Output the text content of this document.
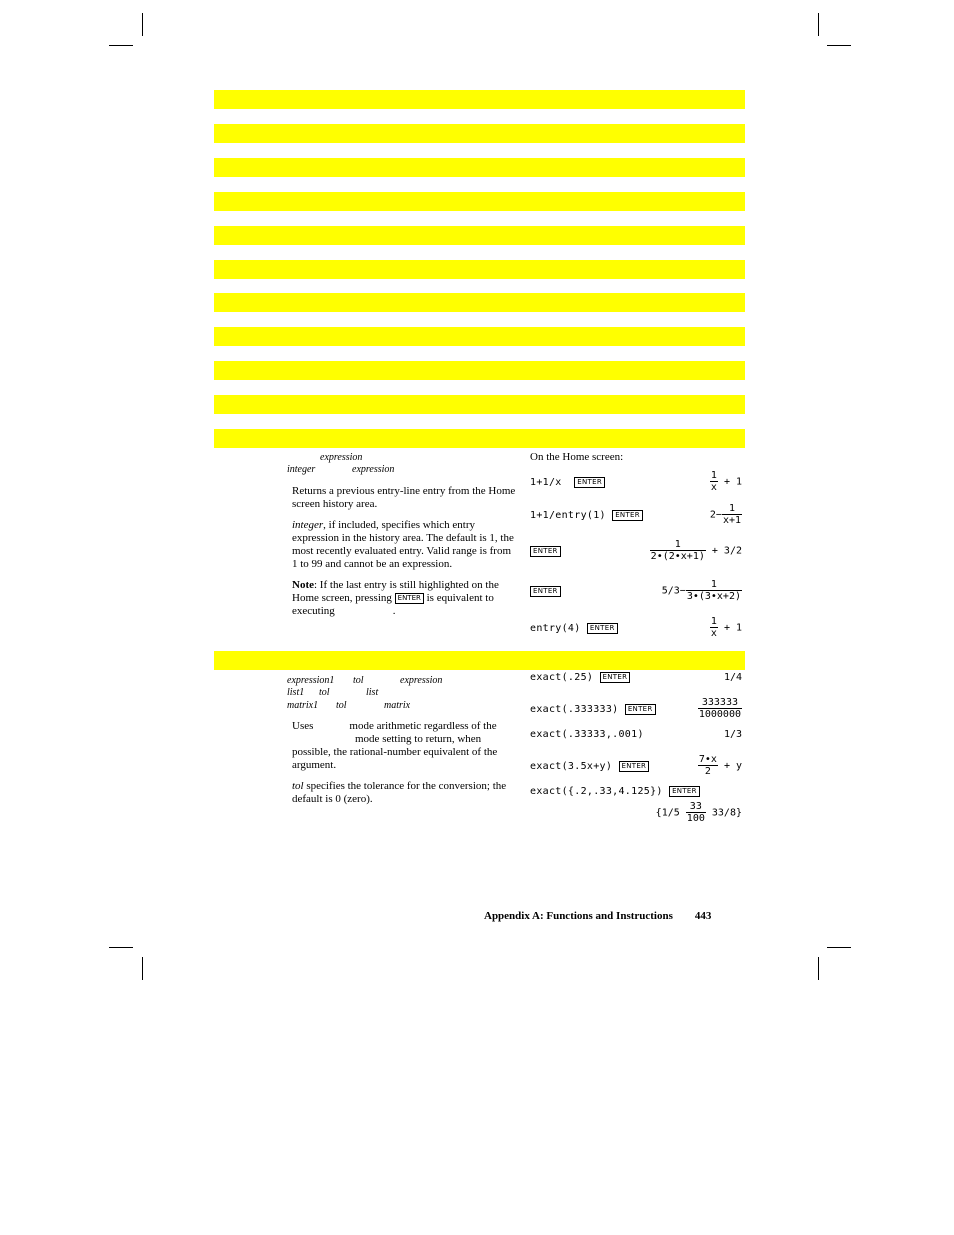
expression
integer	expression

Returns a previous entry-line entry from the Home screen history area.

integer, if included, specifies which entry expression in the history area. The default is 1, the most recently evaluated entry. Valid range is from 1 to 99 and cannot be an expression.

Note: If the last entry is still highlighted on the Home screen, pressing ENTER is equivalent to executing	.

On the Home screen:
1+1/x ENTER	$\frac{1}{x} + 1$
1+1/entry(1) ENTER	$2- \frac{1}{x+1}$
ENTER	$\frac{1}{2•(2•x+1)} + 3/2$
ENTER	$5/3- \frac{1}{3•(3•x+2)}$
entry(4) ENTER	$\frac{1}{x} + 1$
expression1 tol	expression
list1 tol	list
matrix1 tol	matrix

Uses	mode arithmetic regardless of the
mode setting to return, when possible, the rational-number equivalent of the argument.

tol specifies the tolerance for the conversion; the default is 0 (zero).

exact(.25) ENTER	1/4
exact(.333333) ENTER	$\frac{333333}{1000000}$
exact(.33333,.001)	1/3
exact(3.5x+y) ENTER	$\frac{7•x}{2} + y$
exact({.2,.33,4.125}) ENTER
$\{1/5 \frac{33}{100} 33/8\}$
Appendix A: Functions and Instructions 443
